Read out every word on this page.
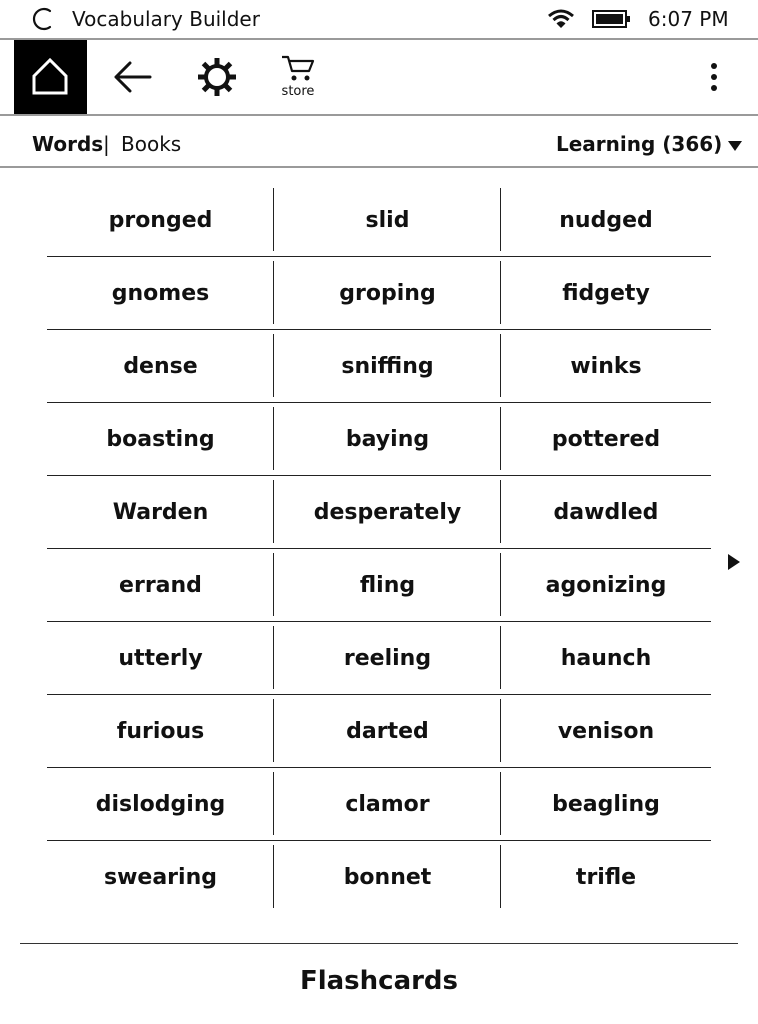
Vocabulary Builder	6:07 PM
store
Words | Books	Learning (366)
pronged	slid	nudged
gnomes	groping	fidgety
dense	sniffing	winks
boasting	baying	pottered
Warden	desperately	dawdled
errand	fling	agonizing
utterly	reeling	haunch
furious	darted	venison
dislodging	clamor	beagling
swearing	bonnet	trifle
Flashcards
